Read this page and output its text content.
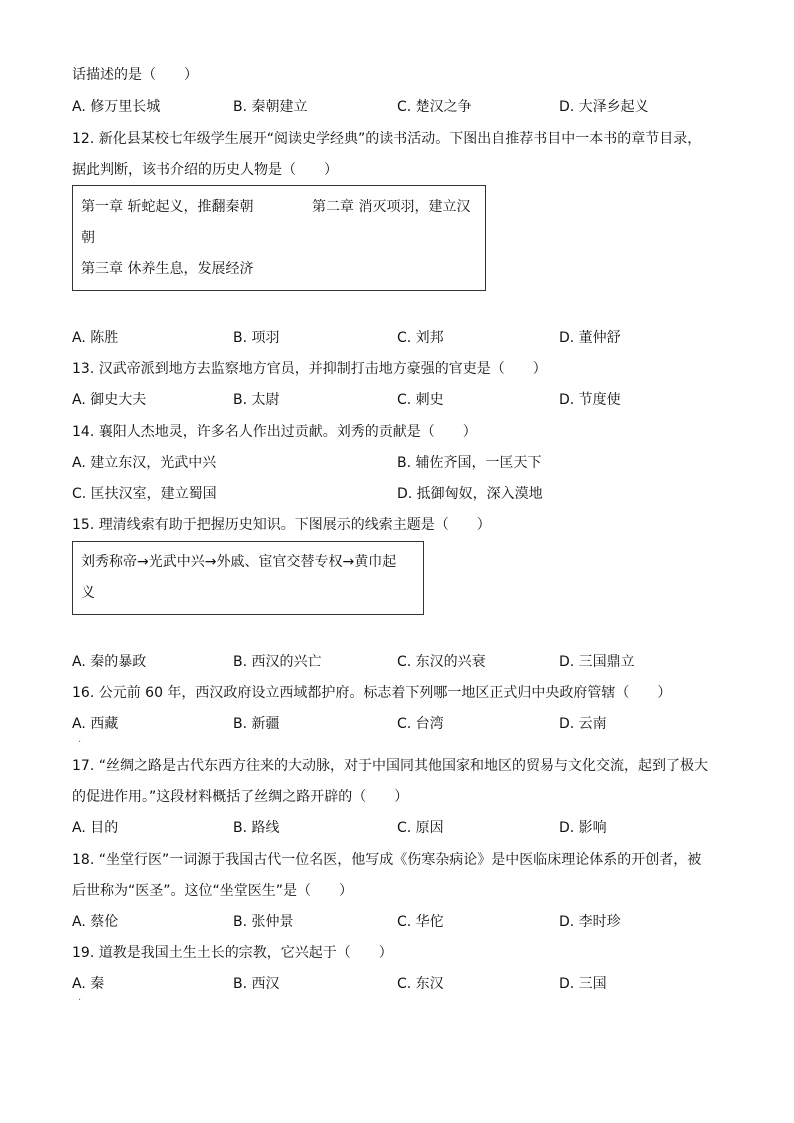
话描述的是（　　）
A. 修万里长城	B. 秦朝建立	C. 楚汉之争	D. 大泽乡起义
12. 新化县某校七年级学生展开“阅读史学经典”的读书活动。下图出自推荐书目中一本书的章节目录，
据此判断，该书介绍的历史人物是（　　）
第一章 斩蛇起义，推翻秦朝	第二章 消灭项羽，建立汉
朝
第三章 休养生息，发展经济
A. 陈胜	B. 项羽	C. 刘邦	D. 董仲舒
13. 汉武帝派到地方去监察地方官员，并抑制打击地方豪强的官吏是（　　）
A. 御史大夫	B. 太尉	C. 刺史	D. 节度使
14. 襄阳人杰地灵，许多名人作出过贡献。刘秀的贡献是（　　）
A. 建立东汉，光武中兴	B. 辅佐齐国，一匡天下
C. 匡扶汉室，建立蜀国	D. 抵御匈奴，深入漠地
15. 理清线索有助于把握历史知识。下图展示的线索主题是（　　）
刘秀称帝→光武中兴→外戚、宦官交替专权→黄巾起
义
A. 秦的暴政	B. 西汉的兴亡	C. 东汉的兴衰	D. 三国鼎立
16. 公元前 60 年，西汉政府设立西域都护府。标志着下列哪一地区正式归中央政府管辖（　　）
A. 西藏	B. 新疆	C. 台湾	D. 云南
·
17. “丝绸之路是古代东西方往来的大动脉，对于中国同其他国家和地区的贸易与文化交流，起到了极大
的促进作用。”这段材料概括了丝绸之路开辟的（　　）
A. 目的	B. 路线	C. 原因	D. 影响
18. “坐堂行医”一词源于我国古代一位名医，他写成《伤寒杂病论》是中医临床理论体系的开创者，被
后世称为“医圣”。这位“坐堂医生”是（　　）
A. 蔡伦	B. 张仲景	C. 华佗	D. 李时珍
19. 道教是我国土生土长的宗教，它兴起于（　　）
A. 秦	B. 西汉	C. 东汉	D. 三国
·
